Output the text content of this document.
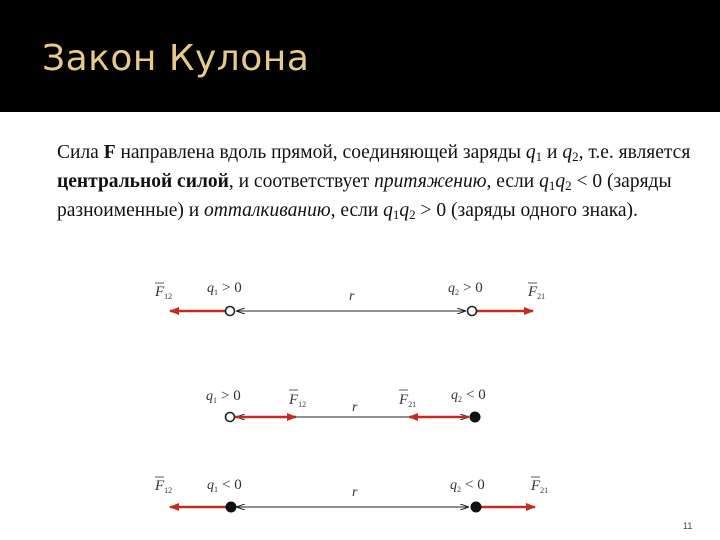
Закон Кулона
Сила F направлена вдоль прямой, соединяющей заряды $q_1$ и $q_2$, т.е. является центральной силой, и соответствует притяжению, если $q_1q_2 < 0$ (заряды разноименные) и отталкиванию, если $q_1q_2 > 0$ (заряды одного знака).
F12
q1 > 0
r
q2 > 0	F21
q1 > 0	F12	r	F21
q2 < 0
F12 q1 < 0	r	q2 < 0	F21
11
